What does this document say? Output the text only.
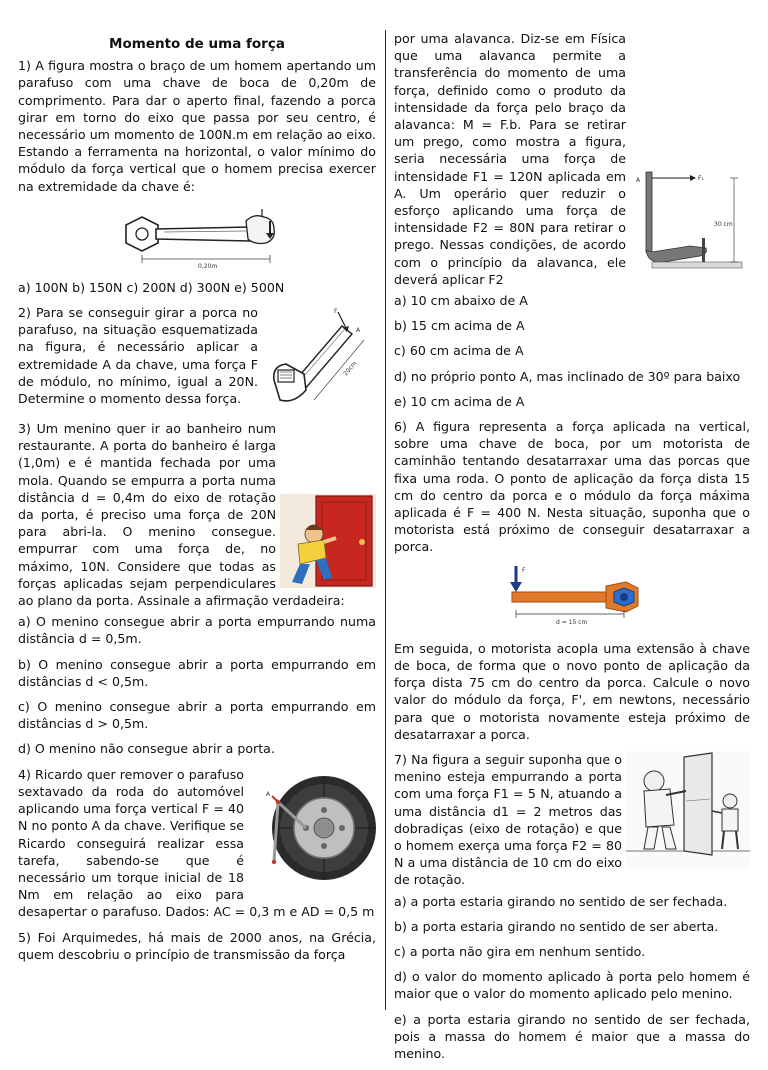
Momento de uma força

1) A figura mostra o braço de um homem apertando um parafuso com uma chave de boca de 0,20m de comprimento. Para dar o aperto final, fazendo a porca girar em torno do eixo que passa por seu centro, é necessário um momento de 100N.m em relação ao eixo. Estando a ferramenta na horizontal, o valor mínimo do módulo da força vertical que o homem precisa exercer na extremidade da chave é:

0,20m

a) 100N b) 150N c) 200N d) 300N e) 500N

F
A
20cm

2) Para se conseguir girar a porca no parafuso, na situação esquematizada na figura, é necessário aplicar a extremidade A da chave, uma força F de módulo, no mínimo, igual a 20N. Determine o momento dessa força.

3) Um menino quer ir ao banheiro num restaurante. A porta do banheiro é larga (1,0m) e é mantida fechada por uma mola. Quando se empurra a porta numa distância d = 0,4m do eixo de rotação da porta, é preciso uma força de 20N para abri-la. O menino consegue. empurrar com uma força de, no máximo, 10N. Considere que todas as forças aplicadas sejam perpendiculares ao plano da porta. Assinale a afirmação verdadeira:

a) O menino consegue abrir a porta empurrando numa distância d = 0,5m.

b) O menino consegue abrir a porta empurrando em distâncias d < 0,5m.

c) O menino consegue abrir a porta empurrando em distâncias d > 0,5m.

d) O menino não consegue abrir a porta.

A

4) Ricardo quer remover o parafuso sextavado da roda do automóvel aplicando uma força vertical F = 40 N no ponto A da chave. Verifique se Ricardo conseguirá realizar essa tarefa, sabendo-se que é necessário um torque inicial de 18 Nm em relação ao eixo para desapertar o parafuso. Dados: AC = 0,3 m e AD = 0,5 m

5) Foi Arquimedes, há mais de 2000 anos, na Grécia, quem descobriu o princípio de transmissão da força

A	F₁
30 cm

por uma alavanca. Diz-se em Física que uma alavanca permite a transferência do momento de uma força, definido como o produto da intensidade da força pelo braço da alavanca: M = F.b. Para se retirar um prego, como mostra a figura, seria necessária uma força de intensidade F1 = 120N aplicada em A. Um operário quer reduzir o esforço aplicando uma força de intensidade F2 = 80N para retirar o prego. Nessas condições, de acordo com o princípio da alavanca, ele deverá aplicar F2

a) 10 cm abaixo de A

b) 15 cm acima de A

c) 60 cm acima de A

d) no próprio ponto A, mas inclinado de 30º para baixo

e) 10 cm acima de A

6) A figura representa a força aplicada na vertical, sobre uma chave de boca, por um motorista de caminhão tentando desatarraxar uma das porcas que fixa uma roda. O ponto de aplicação da força dista 15 cm do centro da porca e o módulo da força máxima aplicada é F = 400 N. Nesta situação, suponha que o motorista está próximo de conseguir desatarraxar a porca.

F
d = 15 cm

Em seguida, o motorista acopla uma extensão à chave de boca, de forma que o novo ponto de aplicação da força dista 75 cm do centro da porca. Calcule o novo valor do módulo da força, F', em newtons, necessário para que o motorista novamente esteja próximo de desatarraxar a porca.

7) Na figura a seguir suponha que o menino esteja empurrando a porta com uma força F1 = 5 N, atuando a uma distância d1 = 2 metros das dobradiças (eixo de rotação) e que o homem exerça uma força F2 = 80 N a uma distância de 10 cm do eixo de rotação.

a) a porta estaria girando no sentido de ser fechada.

b) a porta estaria girando no sentido de ser aberta.

c) a porta não gira em nenhum sentido.

d) o valor do momento aplicado à porta pelo homem é maior que o valor do momento aplicado pelo menino.

e) a porta estaria girando no sentido de ser fechada, pois a massa do homem é maior que a massa do menino.
